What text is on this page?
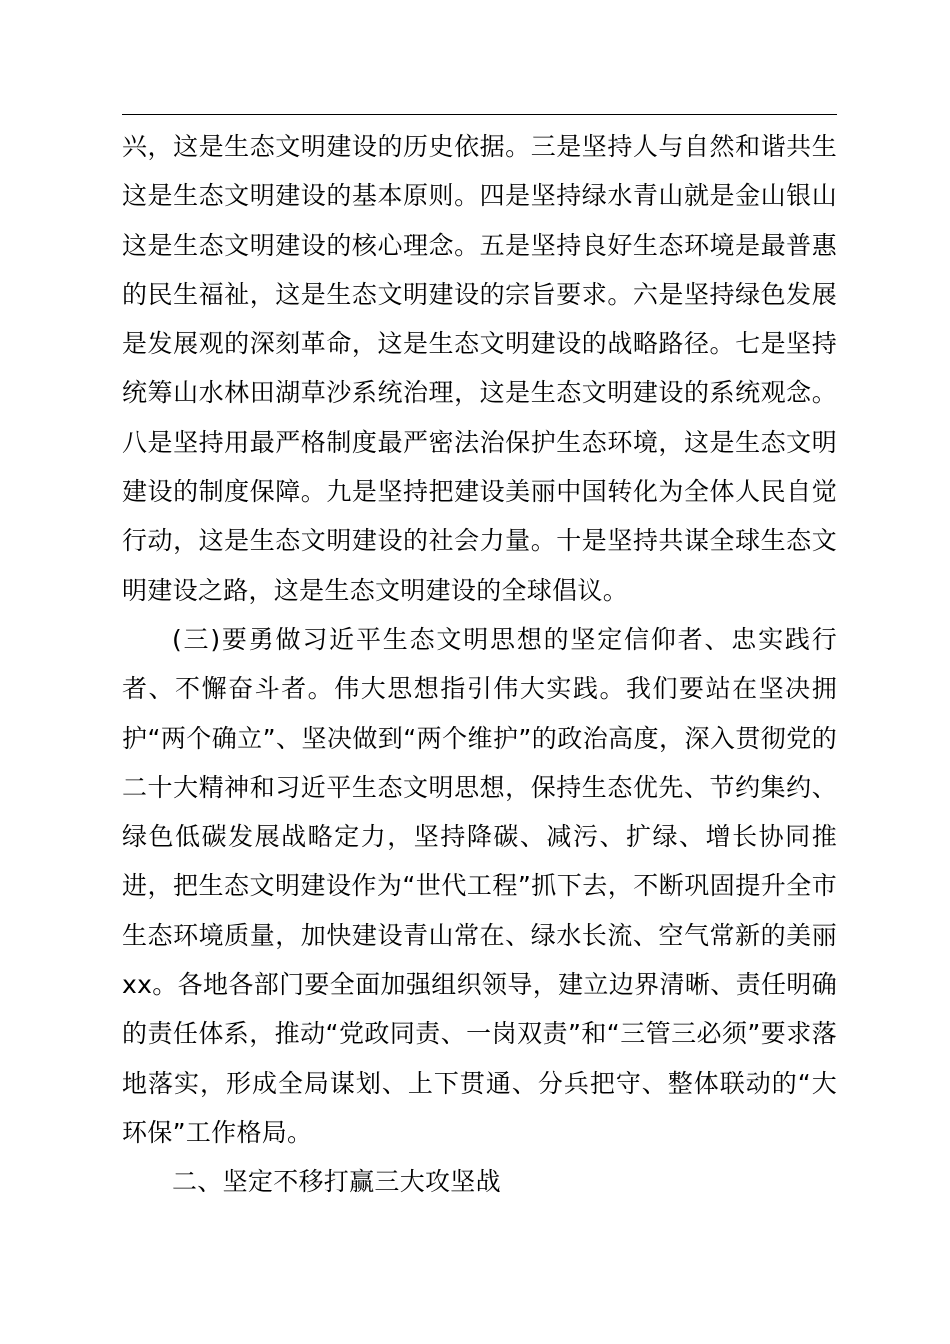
兴，这是生态文明建设的历史依据。三是坚持人与自然和谐共生这是生态文明建设的基本原则。四是坚持绿水青山就是金山银山这是生态文明建设的核心理念。五是坚持良好生态环境是最普惠的民生福祉，这是生态文明建设的宗旨要求。六是坚持绿色发展是发展观的深刻革命，这是生态文明建设的战略路径。七是坚持统筹山水林田湖草沙系统治理，这是生态文明建设的系统观念。八是坚持用最严格制度最严密法治保护生态环境，这是生态文明建设的制度保障。九是坚持把建设美丽中国转化为全体人民自觉行动，这是生态文明建设的社会力量。十是坚持共谋全球生态文明建设之路，这是生态文明建设的全球倡议。

(三)要勇做习近平生态文明思想的坚定信仰者、忠实践行者、不懈奋斗者。伟大思想指引伟大实践。我们要站在坚决拥护“两个确立”、坚决做到“两个维护”的政治高度，深入贯彻党的二十大精神和习近平生态文明思想，保持生态优先、节约集约、绿色低碳发展战略定力，坚持降碳、减污、扩绿、增长协同推进，把生态文明建设作为“世代工程”抓下去，不断巩固提升全市生态环境质量，加快建设青山常在、绿水长流、空气常新的美丽 xx。各地各部门要全面加强组织领导，建立边界清晰、责任明确的责任体系，推动“党政同责、一岗双责”和“三管三必须”要求落地落实，形成全局谋划、上下贯通、分兵把守、整体联动的“大环保”工作格局。

二、坚定不移打赢三大攻坚战
